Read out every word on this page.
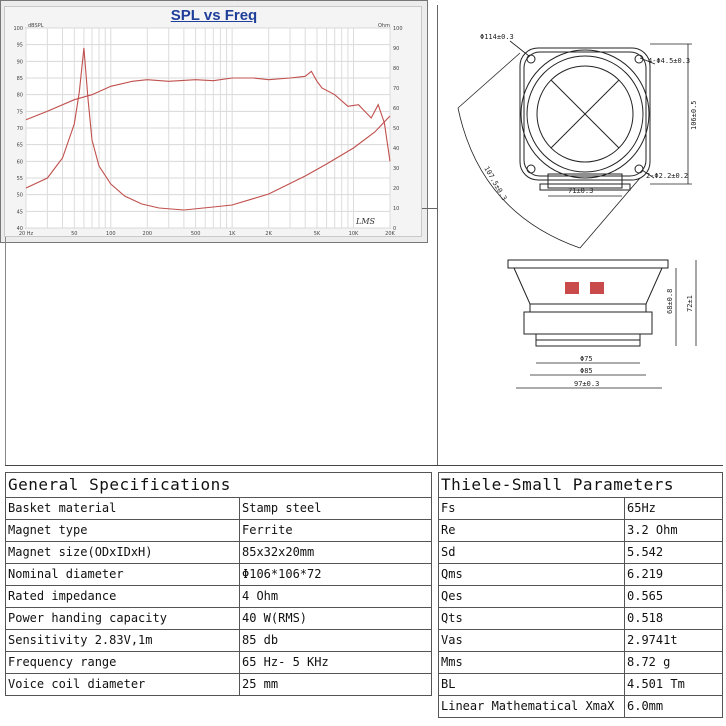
SPL vs Freq
100
95
90
85
80
75
70
65
60
55
50
45
40
100
90
80
70
60
50
40
30
20
10
0
20 Hz	50	100	200	500	1K	2K	5K	10K	20K
dBSPL	Ohm
LMS
Φ114±0.3
4-Φ4.5±0.3
106±0.5
2-Φ2.2±0.2
71±0.3
107.5±0.3
Φ75
Φ85
97±0.3
68±0.8 72±1
General Specifications	
Basket material	Stamp steel
Magnet type	Ferrite
Magnet size(ODxIDxH)	85x32x20mm
Nominal diameter	Φ106*106*72
Rated impedance	4 Ohm
Power handing capacity	40 W(RMS)
Sensitivity 2.83V,1m	85 db
Frequency range	65 Hz- 5 KHz
Voice coil diameter	25 mm
Thiele-Small Parameters	
Fs	65Hz
Re	3.2 Ohm
Sd	5.542
Qms	6.219
Qes	0.565
Qts	0.518
Vas	2.9741t
Mms	8.72 g
BL	4.501 Tm
Linear Mathematical XmaX	6.0mm
